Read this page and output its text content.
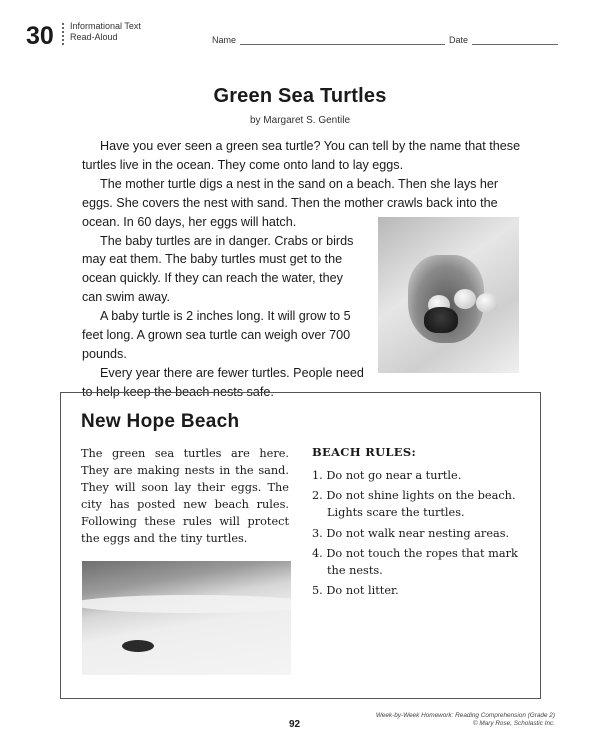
30 Informational Text
Read-Aloud	Name	Date
Green Sea Turtles
by Margaret S. Gentile

Have you ever seen a green sea turtle? You can tell by the name that these turtles live in the ocean. They come onto land to lay eggs.

The mother turtle digs a nest in the sand on a beach. Then she lays her eggs. She covers the nest with sand. Then the mother crawls back into the ocean. In 60 days, her eggs will hatch.

The baby turtles are in danger. Crabs or birds may eat them. The baby turtles must get to the ocean quickly. If they can reach the water, they can swim away.

A baby turtle is 2 inches long. It will grow to 5 feet long. A grown sea turtle can weigh over 700 pounds.

Every year there are fewer turtles. People need to help keep the beach nests safe.

New Hope Beach
The green sea turtles are here. They are making nests in the sand. They will soon lay their eggs. The city has posted new beach rules. Following these rules will protect the eggs and the tiny turtles.
BEACH RULES:
1. Do not go near a turtle.
2. Do not shine lights on the beach. Lights scare the turtles.
3. Do not walk near nesting areas.
4. Do not touch the ropes that mark the nests.
5. Do not litter.
92
Week-by-Week Homework: Reading Comprehension (Grade 2)
© Mary Rose, Scholastic Inc.
